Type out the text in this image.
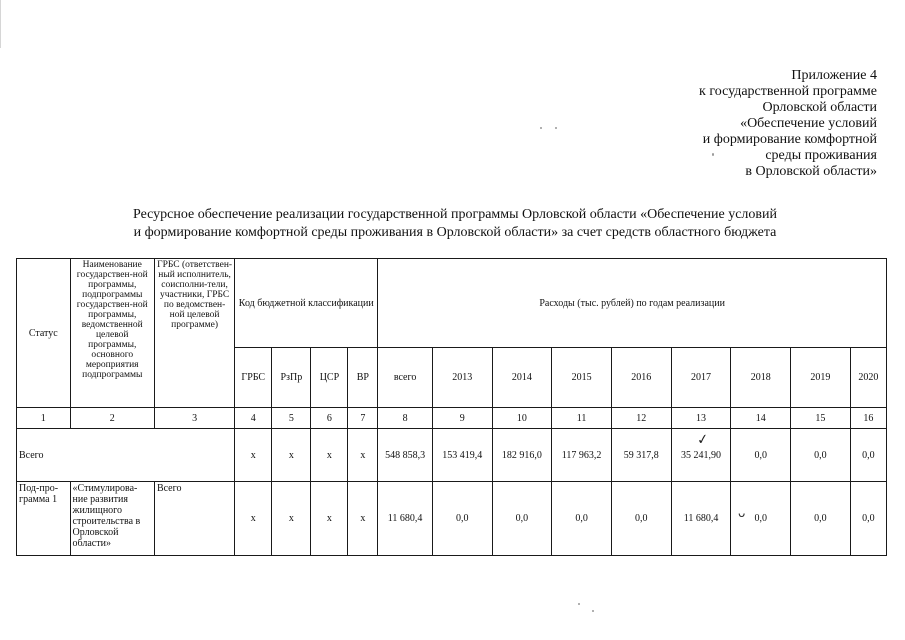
Приложение 4
к государственной программе
Орловской области
«Обеспечение условий
и формирование комфортной
среды проживания
в Орловской области»
Ресурсное обеспечение реализации государственной программы Орловской области «Обеспечение условий
и формирование комфортной среды проживания в Орловской области» за счет средств областного бюджета
Статус	Наименование государствен-ной программы, подпрограммы государствен-ной программы, ведомственной целевой программы, основного мероприятия подпрограммы	ГРБС (ответствен-ный исполнитель, соисполни-тели, участники, ГРБС по ведомствен-ной целевой программе)	Код бюджетной классификации				Расходы (тыс. рублей) по годам реализации								
			ГРБС	РзПр	ЦСР	ВР	всего	2013	2014	2015	2016	2017	2018	2019	2020
1	2	3	4	5	6	7	8	9	10	11	12	13	14	15	16
Всего			х	х	х	х	548 858,3	153 419,4	182 916,0	117 963,2	59 317,8	35 241,90	0,0	0,0	0,0
Под-про-грамма 1	«Стимулирова-ние развития жилищного строительства в Орловской области»	Всего	х	х	х	х	11 680,4	0,0	0,0	0,0	0,0	11 680,4	0,0	0,0	0,0
✓
ᴗ
